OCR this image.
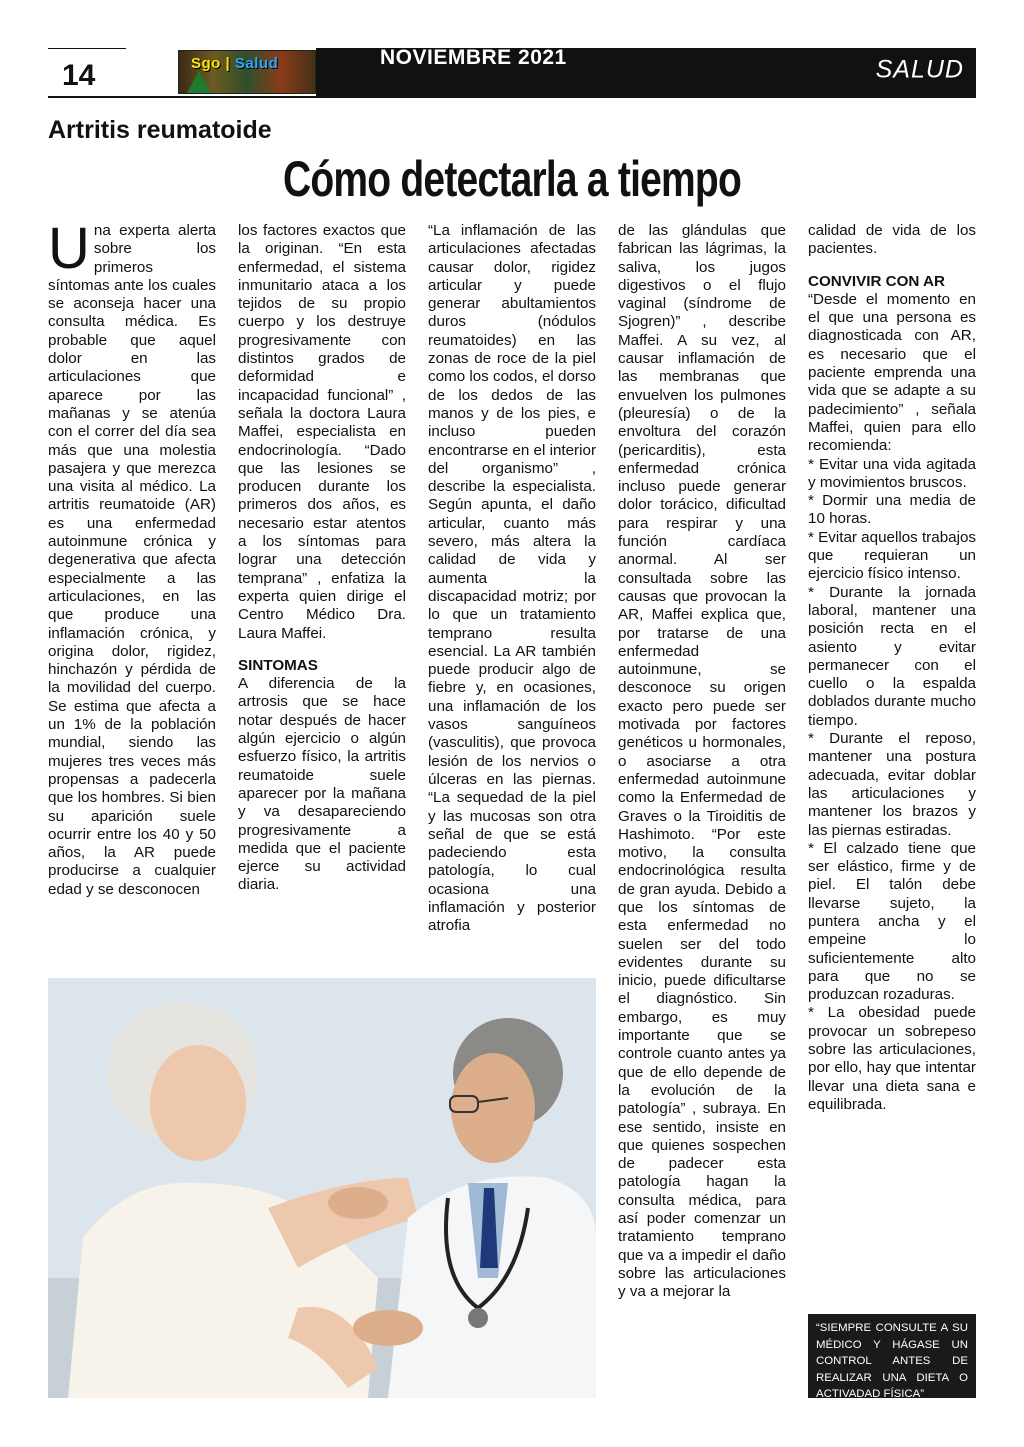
14	Sgo | Salud	NOVIEMBRE 2021	SALUD
Artritis reumatoide
Cómo detectarla a tiempo
U na experta alerta sobre los primeros síntomas ante los cuales se aconseja hacer una consulta médica. Es probable que aquel dolor en las articulaciones que aparece por las mañanas y se atenúa con el correr del día sea más que una molestia pasajera y que merezca una visita al médico. La artritis reumatoide (AR) es una enfermedad autoinmune crónica y degenerativa que afecta especialmente a las articulaciones, en las que produce una inflamación crónica, y origina dolor, rigidez, hinchazón y pérdida de la movilidad del cuerpo. Se estima que afecta a un 1% de la población mundial, siendo las mujeres tres veces más propensas a padecerla que los hombres. Si bien su aparición suele ocurrir entre los 40 y 50 años, la AR puede producirse a cualquier edad y se desconocen

los factores exactos que la originan. “En esta enfermedad, el sistema inmunitario ataca a los tejidos de su propio cuerpo y los destruye progresivamente con distintos grados de deformidad e incapacidad funcional” , señala la doctora Laura Maffei, especialista en endocrinología. “Dado que las lesiones se producen durante los primeros dos años, es necesario estar atentos a los síntomas para lograr una detección temprana” , enfatiza la experta quien dirige el Centro Médico Dra. Laura Maffei.

SINTOMAS

A diferencia de la artrosis que se hace notar después de hacer algún ejercicio o algún esfuerzo físico, la artritis reumatoide suele aparecer por la mañana y va desapareciendo progresivamente a medida que el paciente ejerce su actividad diaria.

“La inflamación de las articulaciones afectadas causar dolor, rigidez articular y puede generar abultamientos duros (nódulos reumatoides) en las zonas de roce de la piel como los codos, el dorso de los dedos de las manos y de los pies, e incluso pueden encontrarse en el interior del organismo” , describe la especialista. Según apunta, el daño articular, cuanto más severo, más altera la calidad de vida y aumenta la discapacidad motriz; por lo que un tratamiento temprano resulta esencial. La AR también puede producir algo de fiebre y, en ocasiones, una inflamación de los vasos sanguíneos (vasculitis), que provoca lesión de los nervios o úlceras en las piernas. “La sequedad de la piel y las mucosas son otra señal de que se está padeciendo esta patología, lo cual ocasiona una inflamación y posterior atrofia

de las glándulas que fabrican las lágrimas, la saliva, los jugos digestivos o el flujo vaginal (síndrome de Sjogren)” , describe Maffei. A su vez, al causar inflamación de las membranas que envuelven los pulmones (pleuresía) o de la envoltura del corazón (pericarditis), esta enfermedad crónica incluso puede generar dolor torácico, dificultad para respirar y una función cardíaca anormal. Al ser consultada sobre las causas que provocan la AR, Maffei explica que, por tratarse de una enfermedad autoinmune, se desconoce su origen exacto pero puede ser motivada por factores genéticos u hormonales, o asociarse a otra enfermedad autoinmune como la Enfermedad de Graves o la Tiroiditis de Hashimoto. “Por este motivo, la consulta endocrinológica resulta de gran ayuda. Debido a que los síntomas de esta enfermedad no suelen ser del todo evidentes durante su inicio, puede dificultarse el diagnóstico. Sin embargo, es muy importante que se controle cuanto antes ya que de ello depende de la evolución de la patología” , subraya. En ese sentido, insiste en que quienes sospechen de padecer esta patología hagan la consulta médica, para así poder comenzar un tratamiento temprano que va a impedir el daño sobre las articulaciones y va a mejorar la

calidad de vida de los pacientes.

CONVIVIR CON AR

“Desde el momento en el que una persona es diagnosticada con AR, es necesario que el paciente emprenda una vida que se adapte a su padecimiento” , señala Maffei, quien para ello recomienda:

* Evitar una vida agitada y movimientos bruscos.

* Dormir una media de 10 horas.

* Evitar aquellos trabajos que requieran un ejercicio físico intenso.

* Durante la jornada laboral, mantener una posición recta en el asiento y evitar permanecer con el cuello o la espalda doblados durante mucho tiempo.

* Durante el reposo, mantener una postura adecuada, evitar doblar las articulaciones y mantener los brazos y las piernas estiradas.

* El calzado tiene que ser elástico, firme y de piel. El talón debe llevarse sujeto, la puntera ancha y el empeine lo suficientemente alto para que no se produzcan rozaduras.

* La obesidad puede provocar un sobrepeso sobre las articulaciones, por ello, hay que intentar llevar una dieta sana e equilibrada.

“SIEMPRE CONSULTE A SU MÉDICO Y HÁGASE UN CONTROL ANTES DE REALIZAR UNA DIETA O ACTIVADAD FÍSICA”
